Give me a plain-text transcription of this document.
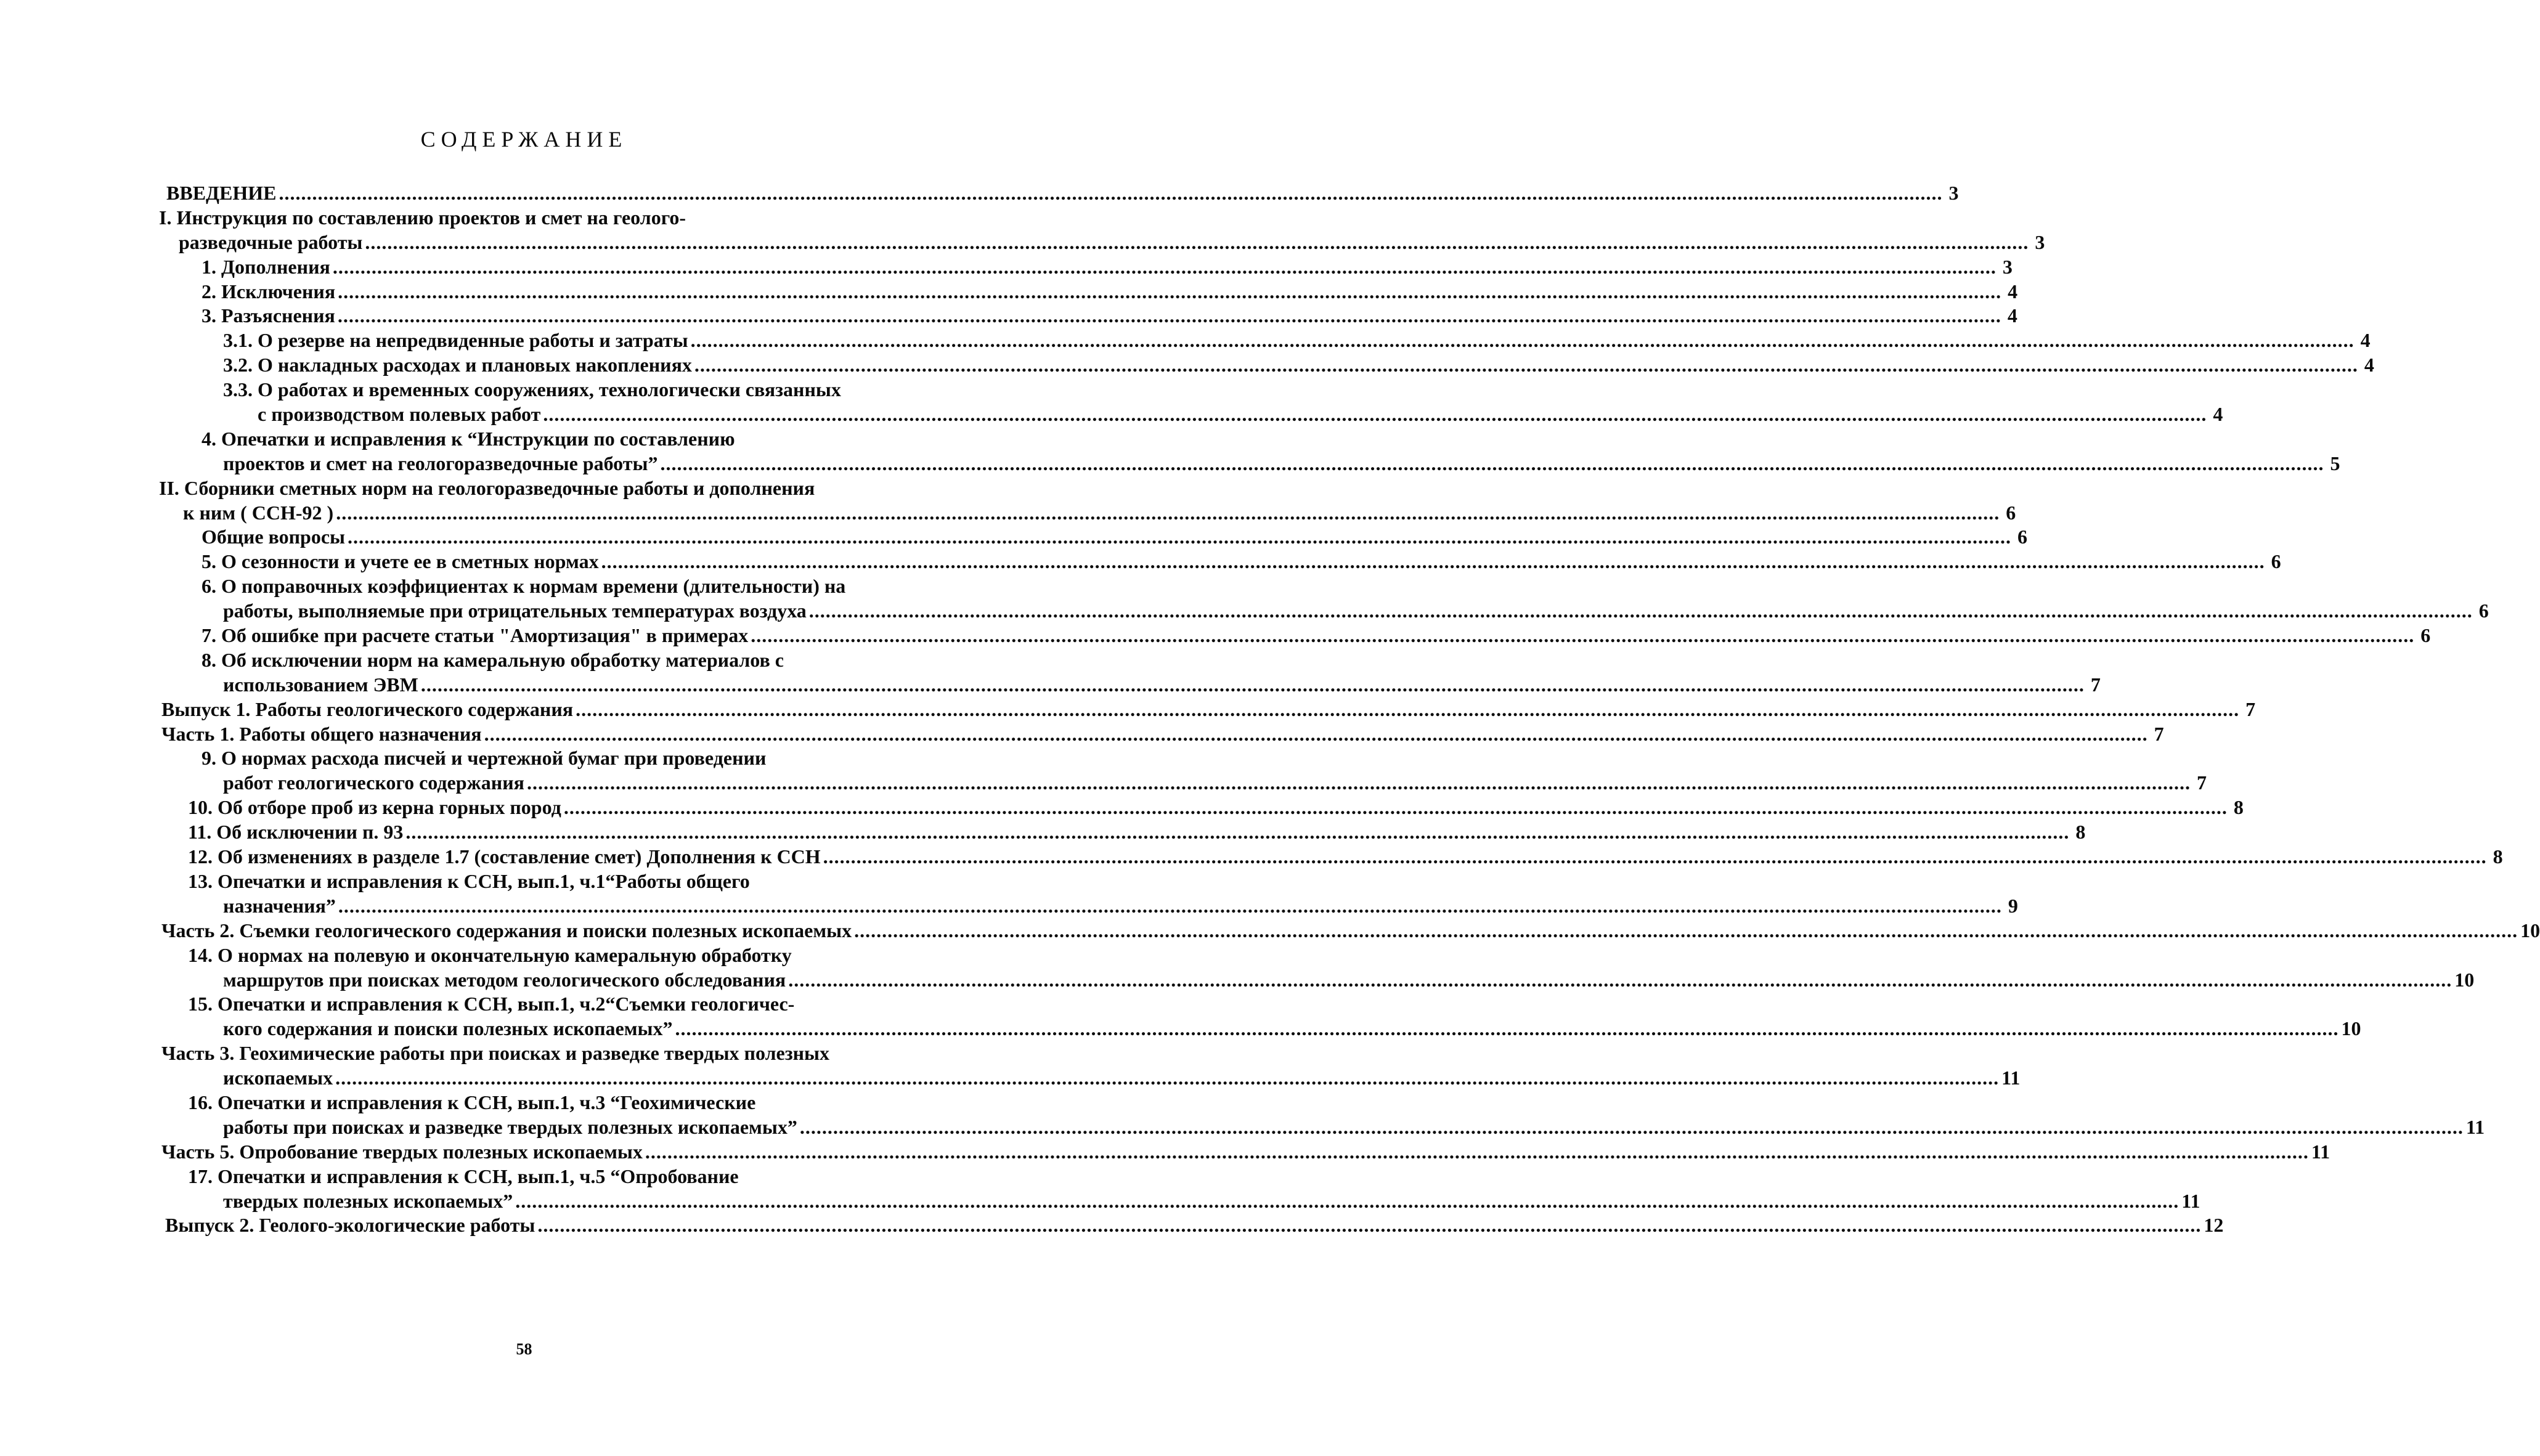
СОДЕРЖАНИЕ
ВВЕДЕНИЕ ............................................................................................................................................................................................................................................................................................................ 3
I. Инструкция по составлению проектов и смет на геолого-
разведочные работы ............................................................................................................................................................................................................................................................................................................ 3
1. Дополнения ............................................................................................................................................................................................................................................................................................................ 3
2. Исключения ............................................................................................................................................................................................................................................................................................................ 4
3. Разъяснения ............................................................................................................................................................................................................................................................................................................ 4
3.1. О резерве на непредвиденные работы и затраты ............................................................................................................................................................................................................................................................................................................ 4
3.2. О накладных расходах и плановых накоплениях ............................................................................................................................................................................................................................................................................................................ 4
3.3. О работах и временных сооружениях, технологически связанных
с производством полевых работ ............................................................................................................................................................................................................................................................................................................ 4
4. Опечатки и исправления к “Инструкции по составлению
проектов и смет на геологоразведочные работы” ............................................................................................................................................................................................................................................................................................................ 5
II. Сборники сметных норм на геологоразведочные работы и дополнения
к ним ( ССН-92 ) ............................................................................................................................................................................................................................................................................................................ 6
Общие вопросы ............................................................................................................................................................................................................................................................................................................ 6
5. О сезонности и учете ее в сметных нормах ............................................................................................................................................................................................................................................................................................................ 6
6. О поправочных коэффициентах к нормам времени (длительности) на
работы, выполняемые при отрицательных температурах воздуха ............................................................................................................................................................................................................................................................................................................ 6
7. Об ошибке при расчете статьи "Амортизация" в примерах ............................................................................................................................................................................................................................................................................................................ 6
8. Об исключении норм на камеральную обработку материалов с
использованием ЭВМ ............................................................................................................................................................................................................................................................................................................ 7
Выпуск 1. Работы геологического содержания ............................................................................................................................................................................................................................................................................................................ 7
Часть 1. Работы общего назначения ............................................................................................................................................................................................................................................................................................................ 7
9. О нормах расхода писчей и чертежной бумаг при проведении
работ геологического содержания ............................................................................................................................................................................................................................................................................................................ 7
10. Об отборе проб из керна горных пород ............................................................................................................................................................................................................................................................................................................ 8
11. Об исключении п. 93 ............................................................................................................................................................................................................................................................................................................ 8
12. Об изменениях в разделе 1.7 (составление смет) Дополнения к ССН ............................................................................................................................................................................................................................................................................................................ 8
13. Опечатки и исправления к ССН, вып.1, ч.1“Работы общего
назначения” ............................................................................................................................................................................................................................................................................................................ 9
Часть 2. Съемки геологического содержания и поиски полезных ископаемых ............................................................................................................................................................................................................................................................................................................ 10
14. О нормах на полевую и окончательную камеральную обработку
маршрутов при поисках методом геологического обследования ............................................................................................................................................................................................................................................................................................................ 10
15. Опечатки и исправления к ССН, вып.1, ч.2“Съемки геологичес-
кого содержания и поиски полезных ископаемых” ............................................................................................................................................................................................................................................................................................................ 10
Часть 3. Геохимические работы при поисках и разведке твердых полезных
ископаемых ............................................................................................................................................................................................................................................................................................................ 11
16. Опечатки и исправления к ССН, вып.1, ч.3 “Геохимические
работы при поисках и разведке твердых полезных ископаемых” ............................................................................................................................................................................................................................................................................................................ 11
Часть 5. Опробование твердых полезных ископаемых ............................................................................................................................................................................................................................................................................................................ 11
17. Опечатки и исправления к ССН, вып.1, ч.5 “Опробование
твердых полезных ископаемых” ............................................................................................................................................................................................................................................................................................................ 11
Выпуск 2. Геолого-экологические работы ............................................................................................................................................................................................................................................................................................................ 12
58
